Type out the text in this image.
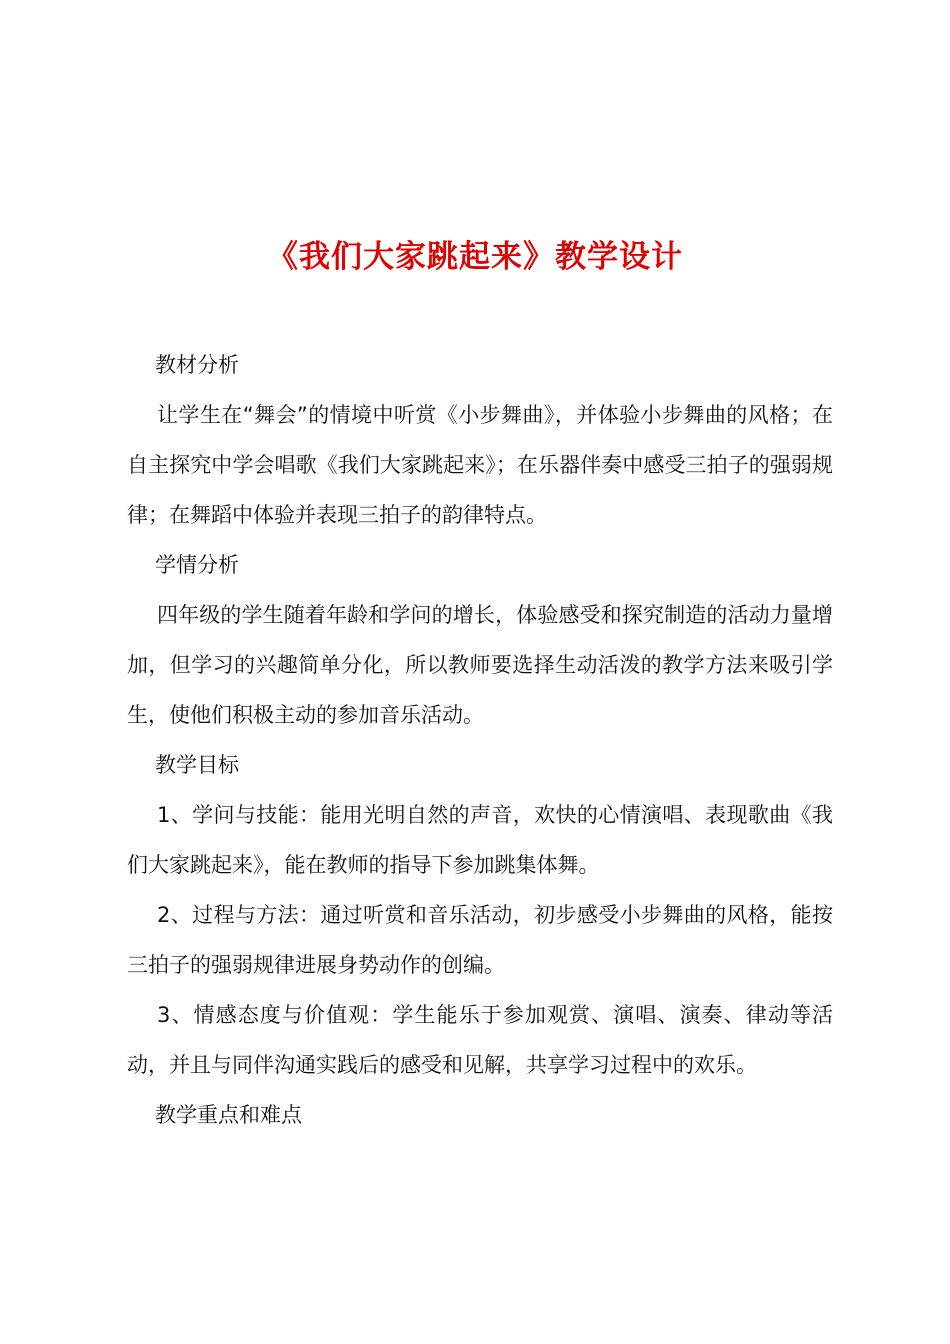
《我们大家跳起来》教学设计

教材分析

让学生在“舞会”的情境中听赏《小步舞曲》，并体验小步舞曲的风格；在自主探究中学会唱歌《我们大家跳起来》；在乐器伴奏中感受三拍子的强弱规律；在舞蹈中体验并表现三拍子的韵律特点。

学情分析

四年级的学生随着年龄和学问的增长，体验感受和探究制造的活动力量增加，但学习的兴趣简单分化，所以教师要选择生动活泼的教学方法来吸引学生，使他们积极主动的参加音乐活动。

教学目标

1、学问与技能：能用光明自然的声音，欢快的心情演唱、表现歌曲《我们大家跳起来》，能在教师的指导下参加跳集体舞。

2、过程与方法：通过听赏和音乐活动，初步感受小步舞曲的风格，能按三拍子的强弱规律进展身势动作的创编。

3、情感态度与价值观：学生能乐于参加观赏、演唱、演奏、律动等活动，并且与同伴沟通实践后的感受和见解，共享学习过程中的欢乐。

教学重点和难点
